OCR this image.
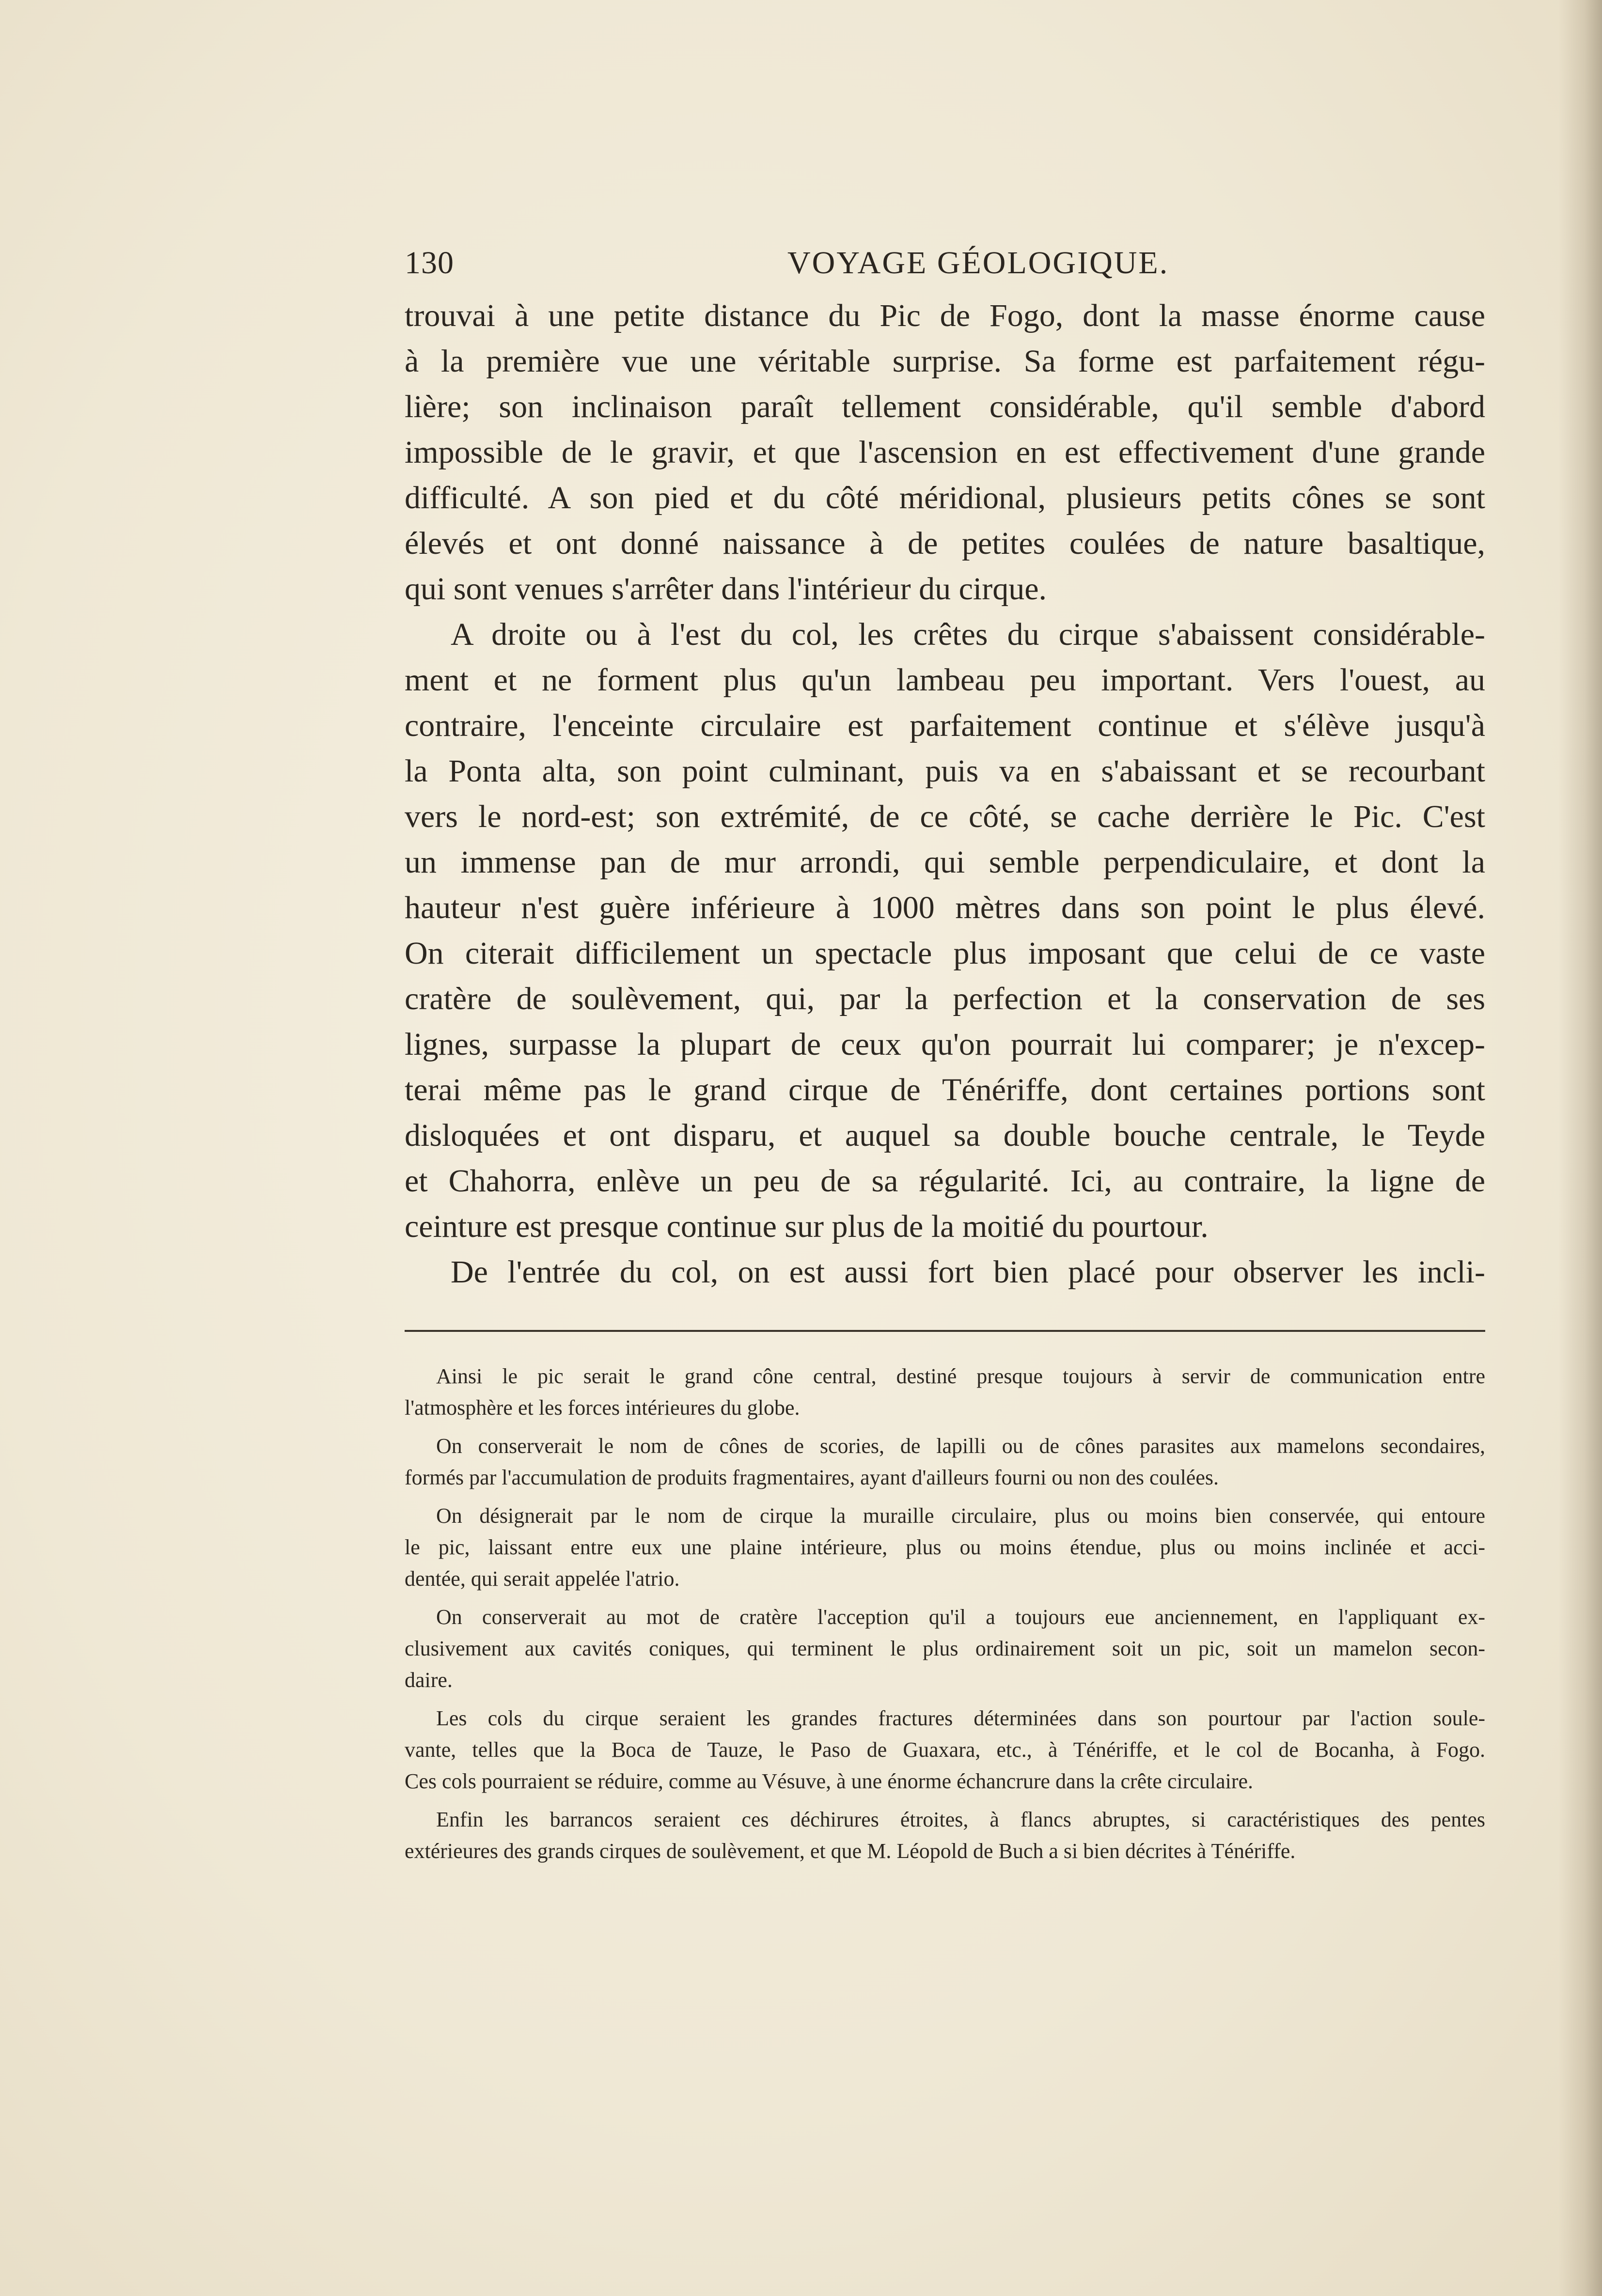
130	VOYAGE GÉOLOGIQUE.
trouvai à une petite distance du Pic de Fogo, dont la masse énorme cause
à la première vue une véritable surprise. Sa forme est parfaitement régu-
lière; son inclinaison paraît tellement considérable, qu'il semble d'abord
impossible de le gravir, et que l'ascension en est effectivement d'une grande
difficulté. A son pied et du côté méridional, plusieurs petits cônes se sont
élevés et ont donné naissance à de petites coulées de nature basaltique,
qui sont venues s'arrêter dans l'intérieur du cirque.
A droite ou à l'est du col, les crêtes du cirque s'abaissent considérable-
ment et ne forment plus qu'un lambeau peu important. Vers l'ouest, au
contraire, l'enceinte circulaire est parfaitement continue et s'élève jusqu'à
la Ponta alta, son point culminant, puis va en s'abaissant et se recourbant
vers le nord-est; son extrémité, de ce côté, se cache derrière le Pic. C'est
un immense pan de mur arrondi, qui semble perpendiculaire, et dont la
hauteur n'est guère inférieure à 1000 mètres dans son point le plus élevé.
On citerait difficilement un spectacle plus imposant que celui de ce vaste
cratère de soulèvement, qui, par la perfection et la conservation de ses
lignes, surpasse la plupart de ceux qu'on pourrait lui comparer; je n'excep-
terai même pas le grand cirque de Ténériffe, dont certaines portions sont
disloquées et ont disparu, et auquel sa double bouche centrale, le Teyde
et Chahorra, enlève un peu de sa régularité. Ici, au contraire, la ligne de
ceinture est presque continue sur plus de la moitié du pourtour.
De l'entrée du col, on est aussi fort bien placé pour observer les incli-
Ainsi le pic serait le grand cône central, destiné presque toujours à servir de communication entre
l'atmosphère et les forces intérieures du globe.
On conserverait le nom de cônes de scories, de lapilli ou de cônes parasites aux mamelons secondaires,
formés par l'accumulation de produits fragmentaires, ayant d'ailleurs fourni ou non des coulées.
On désignerait par le nom de cirque la muraille circulaire, plus ou moins bien conservée, qui entoure
le pic, laissant entre eux une plaine intérieure, plus ou moins étendue, plus ou moins inclinée et acci-
dentée, qui serait appelée l'atrio.
On conserverait au mot de cratère l'acception qu'il a toujours eue anciennement, en l'appliquant ex-
clusivement aux cavités coniques, qui terminent le plus ordinairement soit un pic, soit un mamelon secon-
daire.
Les cols du cirque seraient les grandes fractures déterminées dans son pourtour par l'action soule-
vante, telles que la Boca de Tauze, le Paso de Guaxara, etc., à Ténériffe, et le col de Bocanha, à Fogo.
Ces cols pourraient se réduire, comme au Vésuve, à une énorme échancrure dans la crête circulaire.
Enfin les barrancos seraient ces déchirures étroites, à flancs abruptes, si caractéristiques des pentes
extérieures des grands cirques de soulèvement, et que M. Léopold de Buch a si bien décrites à Ténériffe.
